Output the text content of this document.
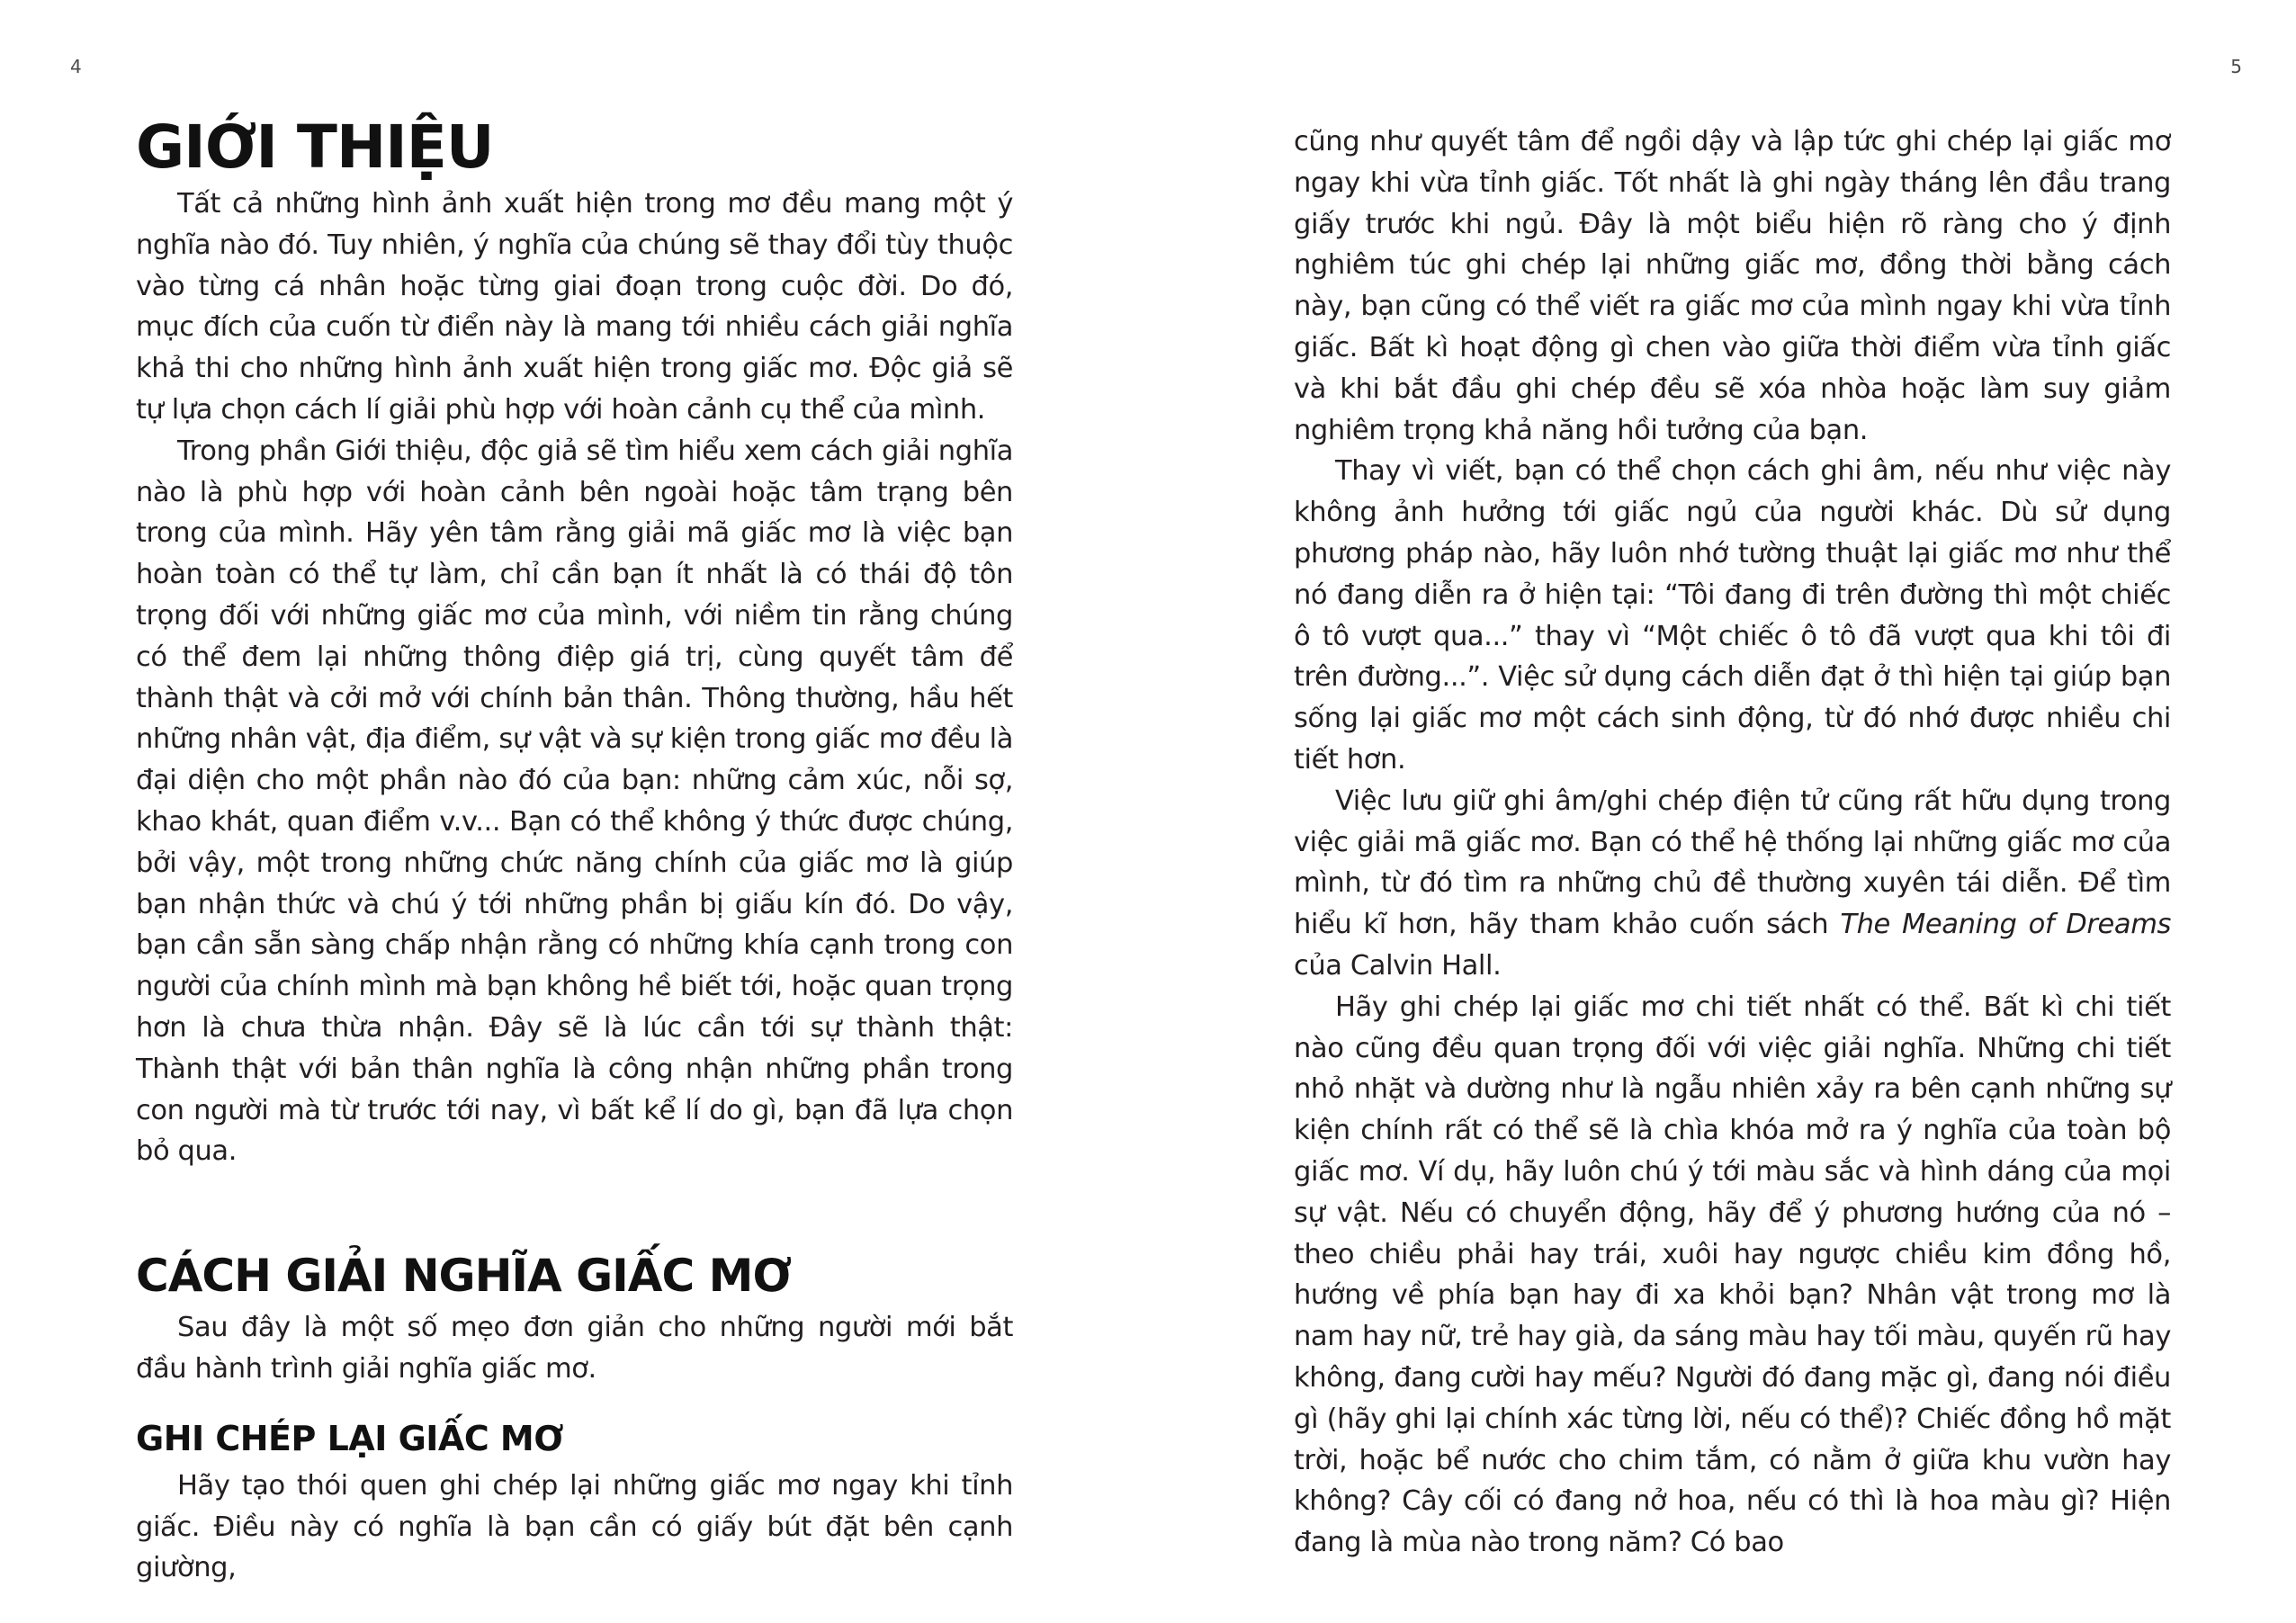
4
GIỚI THIỆU

Tất cả những hình ảnh xuất hiện trong mơ đều mang một ý nghĩa nào đó. Tuy nhiên, ý nghĩa của chúng sẽ thay đổi tùy thuộc vào từng cá nhân hoặc từng giai đoạn trong cuộc đời. Do đó, mục đích của cuốn từ điển này là mang tới nhiều cách giải nghĩa khả thi cho những hình ảnh xuất hiện trong giấc mơ. Độc giả sẽ tự lựa chọn cách lí giải phù hợp với hoàn cảnh cụ thể của mình.

Trong phần Giới thiệu, độc giả sẽ tìm hiểu xem cách giải nghĩa nào là phù hợp với hoàn cảnh bên ngoài hoặc tâm trạng bên trong của mình. Hãy yên tâm rằng giải mã giấc mơ là việc bạn hoàn toàn có thể tự làm, chỉ cần bạn ít nhất là có thái độ tôn trọng đối với những giấc mơ của mình, với niềm tin rằng chúng có thể đem lại những thông điệp giá trị, cùng quyết tâm để thành thật và cởi mở với chính bản thân. Thông thường, hầu hết những nhân vật, địa điểm, sự vật và sự kiện trong giấc mơ đều là đại diện cho một phần nào đó của bạn: những cảm xúc, nỗi sợ, khao khát, quan điểm v.v... Bạn có thể không ý thức được chúng, bởi vậy, một trong những chức năng chính của giấc mơ là giúp bạn nhận thức và chú ý tới những phần bị giấu kín đó. Do vậy, bạn cần sẵn sàng chấp nhận rằng có những khía cạnh trong con người của chính mình mà bạn không hề biết tới, hoặc quan trọng hơn là chưa thừa nhận. Đây sẽ là lúc cần tới sự thành thật: Thành thật với bản thân nghĩa là công nhận những phần trong con người mà từ trước tới nay, vì bất kể lí do gì, bạn đã lựa chọn bỏ qua.

CÁCH GIẢI NGHĨA GIẤC MƠ

Sau đây là một số mẹo đơn giản cho những người mới bắt đầu hành trình giải nghĩa giấc mơ.

GHI CHÉP LẠI GIẤC MƠ

Hãy tạo thói quen ghi chép lại những giấc mơ ngay khi tỉnh giấc. Điều này có nghĩa là bạn cần có giấy bút đặt bên cạnh giường,

5

cũng như quyết tâm để ngồi dậy và lập tức ghi chép lại giấc mơ ngay khi vừa tỉnh giấc. Tốt nhất là ghi ngày tháng lên đầu trang giấy trước khi ngủ. Đây là một biểu hiện rõ ràng cho ý định nghiêm túc ghi chép lại những giấc mơ, đồng thời bằng cách này, bạn cũng có thể viết ra giấc mơ của mình ngay khi vừa tỉnh giấc. Bất kì hoạt động gì chen vào giữa thời điểm vừa tỉnh giấc và khi bắt đầu ghi chép đều sẽ xóa nhòa hoặc làm suy giảm nghiêm trọng khả năng hồi tưởng của bạn.

Thay vì viết, bạn có thể chọn cách ghi âm, nếu như việc này không ảnh hưởng tới giấc ngủ của người khác. Dù sử dụng phương pháp nào, hãy luôn nhớ tường thuật lại giấc mơ như thể nó đang diễn ra ở hiện tại: “Tôi đang đi trên đường thì một chiếc ô tô vượt qua...” thay vì “Một chiếc ô tô đã vượt qua khi tôi đi trên đường...”. Việc sử dụng cách diễn đạt ở thì hiện tại giúp bạn sống lại giấc mơ một cách sinh động, từ đó nhớ được nhiều chi tiết hơn.

Việc lưu giữ ghi âm/ghi chép điện tử cũng rất hữu dụng trong việc giải mã giấc mơ. Bạn có thể hệ thống lại những giấc mơ của mình, từ đó tìm ra những chủ đề thường xuyên tái diễn. Để tìm hiểu kĩ hơn, hãy tham khảo cuốn sách The Meaning of Dreams của Calvin Hall.

Hãy ghi chép lại giấc mơ chi tiết nhất có thể. Bất kì chi tiết nào cũng đều quan trọng đối với việc giải nghĩa. Những chi tiết nhỏ nhặt và dường như là ngẫu nhiên xảy ra bên cạnh những sự kiện chính rất có thể sẽ là chìa khóa mở ra ý nghĩa của toàn bộ giấc mơ. Ví dụ, hãy luôn chú ý tới màu sắc và hình dáng của mọi sự vật. Nếu có chuyển động, hãy để ý phương hướng của nó – theo chiều phải hay trái, xuôi hay ngược chiều kim đồng hồ, hướng về phía bạn hay đi xa khỏi bạn? Nhân vật trong mơ là nam hay nữ, trẻ hay già, da sáng màu hay tối màu, quyến rũ hay không, đang cười hay mếu? Người đó đang mặc gì, đang nói điều gì (hãy ghi lại chính xác từng lời, nếu có thể)? Chiếc đồng hồ mặt trời, hoặc bể nước cho chim tắm, có nằm ở giữa khu vườn hay không? Cây cối có đang nở hoa, nếu có thì là hoa màu gì? Hiện đang là mùa nào trong năm? Có bao
